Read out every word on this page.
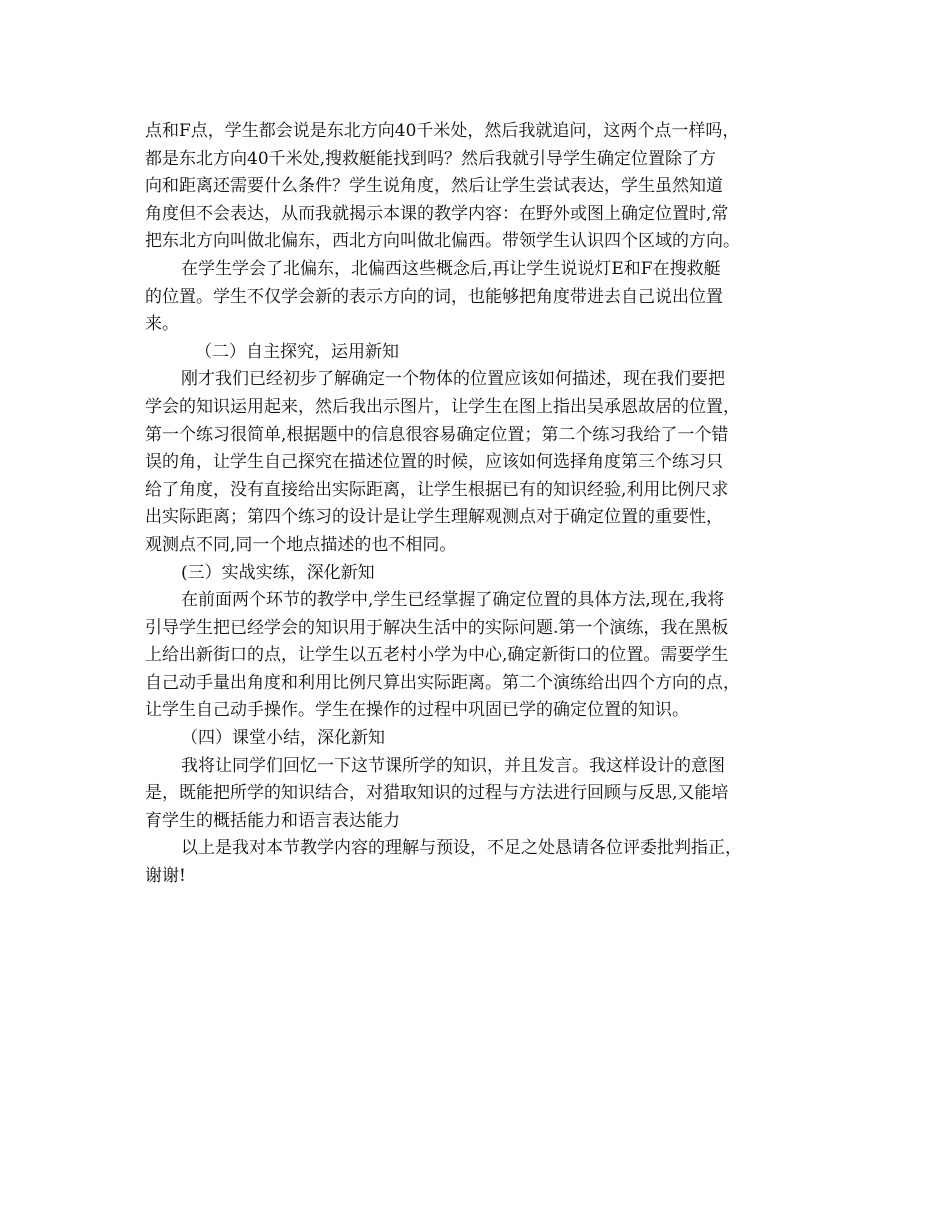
点和F点，学生都会说是东北方向40千米处，然后我就追问，这两个点一样吗，
都是东北方向40千米处,搜救艇能找到吗？然后我就引导学生确定位置除了方
向和距离还需要什么条件？学生说角度，然后让学生尝试表达，学生虽然知道
角度但不会表达，从而我就揭示本课的教学内容：在野外或图上确定位置时,常
把东北方向叫做北偏东，西北方向叫做北偏西。带领学生认识四个区域的方向。
在学生学会了北偏东，北偏西这些概念后,再让学生说说灯E和F在搜救艇
的位置。学生不仅学会新的表示方向的词，也能够把角度带进去自己说出位置
来。
（二）自主探究，运用新知
刚才我们已经初步了解确定一个物体的位置应该如何描述，现在我们要把
学会的知识运用起来，然后我出示图片，让学生在图上指出吴承恩故居的位置，
第一个练习很简单,根据题中的信息很容易确定位置；第二个练习我给了一个错
误的角，让学生自己探究在描述位置的时候，应该如何选择角度第三个练习只
给了角度，没有直接给出实际距离，让学生根据已有的知识经验,利用比例尺求
出实际距离；第四个练习的设计是让学生理解观测点对于确定位置的重要性，
观测点不同,同一个地点描述的也不相同。
(三）实战实练，深化新知
在前面两个环节的教学中,学生已经掌握了确定位置的具体方法,现在,我将
引导学生把已经学会的知识用于解决生活中的实际问题.第一个演练，我在黑板
上给出新街口的点，让学生以五老村小学为中心,确定新街口的位置。需要学生
自己动手量出角度和利用比例尺算出实际距离。第二个演练给出四个方向的点，
让学生自己动手操作。学生在操作的过程中巩固已学的确定位置的知识。
（四）课堂小结，深化新知
我将让同学们回忆一下这节课所学的知识，并且发言。我这样设计的意图
是，既能把所学的知识结合，对猎取知识的过程与方法进行回顾与反思,又能培
育学生的概括能力和语言表达能力
以上是我对本节教学内容的理解与预设，不足之处恳请各位评委批判指正，
谢谢!
